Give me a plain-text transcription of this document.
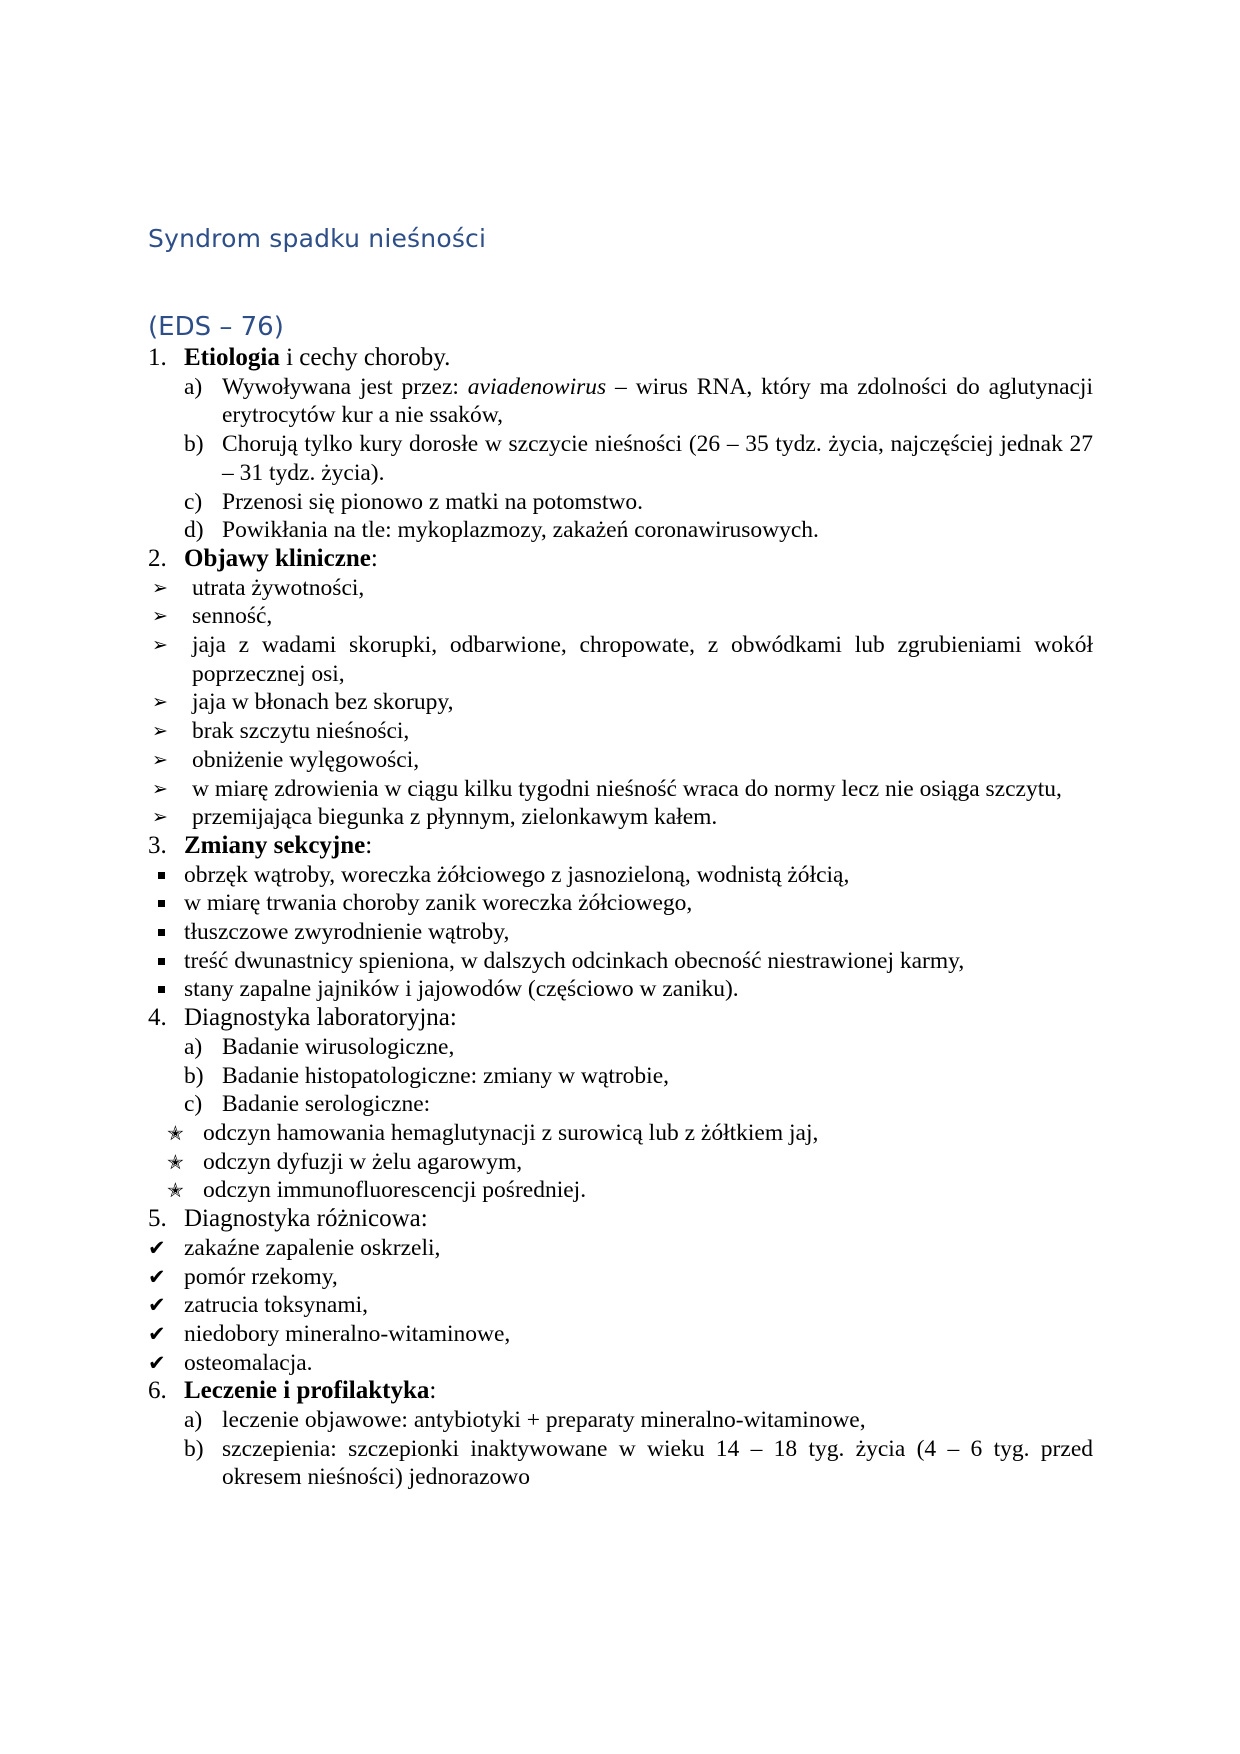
Syndrom spadku nieśności
(EDS – 76)
1. Etiologia i cechy choroby.
a) Wywoływana jest przez: aviadenowirus – wirus RNA, który ma zdolności do aglutynacji erytrocytów kur a nie ssaków,
b) Chorują tylko kury dorosłe w szczycie nieśności (26 – 35 tydz. życia, najczęściej jednak 27 – 31 tydz. życia).
c) Przenosi się pionowo z matki na potomstwo.
d) Powikłania na tle: mykoplazmozy, zakażeń coronawirusowych.
2. Objawy kliniczne:
➢ utrata żywotności,
➢ senność,
➢ jaja z wadami skorupki, odbarwione, chropowate, z obwódkami lub zgrubieniami wokół poprzecznej osi,
➢ jaja w błonach bez skorupy,
➢ brak szczytu nieśności,
➢ obniżenie wylęgowości,
➢ w miarę zdrowienia w ciągu kilku tygodni nieśność wraca do normy lecz nie osiąga szczytu,
➢ przemijająca biegunka z płynnym, zielonkawym kałem.
3. Zmiany sekcyjne:
obrzęk wątroby, woreczka żółciowego z jasnozieloną, wodnistą żółcią,
w miarę trwania choroby zanik woreczka żółciowego,
tłuszczowe zwyrodnienie wątroby,
treść dwunastnicy spieniona, w dalszych odcinkach obecność niestrawionej karmy,
stany zapalne jajników i jajowodów (częściowo w zaniku).
4. Diagnostyka laboratoryjna:
a) Badanie wirusologiczne,
b) Badanie histopatologiczne: zmiany w wątrobie,
c) Badanie serologiczne:
✭ odczyn hamowania hemaglutynacji z surowicą lub z żółtkiem jaj,
✭ odczyn dyfuzji w żelu agarowym,
✭ odczyn immunofluorescencji pośredniej.
5. Diagnostyka różnicowa:
✔ zakaźne zapalenie oskrzeli,
✔ pomór rzekomy,
✔ zatrucia toksynami,
✔ niedobory mineralno-witaminowe,
✔ osteomalacja.
6. Leczenie i profilaktyka:
a) leczenie objawowe: antybiotyki + preparaty mineralno-witaminowe,
b) szczepienia: szczepionki inaktywowane w wieku 14 – 18 tyg. życia (4 – 6 tyg. przed okresem nieśności) jednorazowo
